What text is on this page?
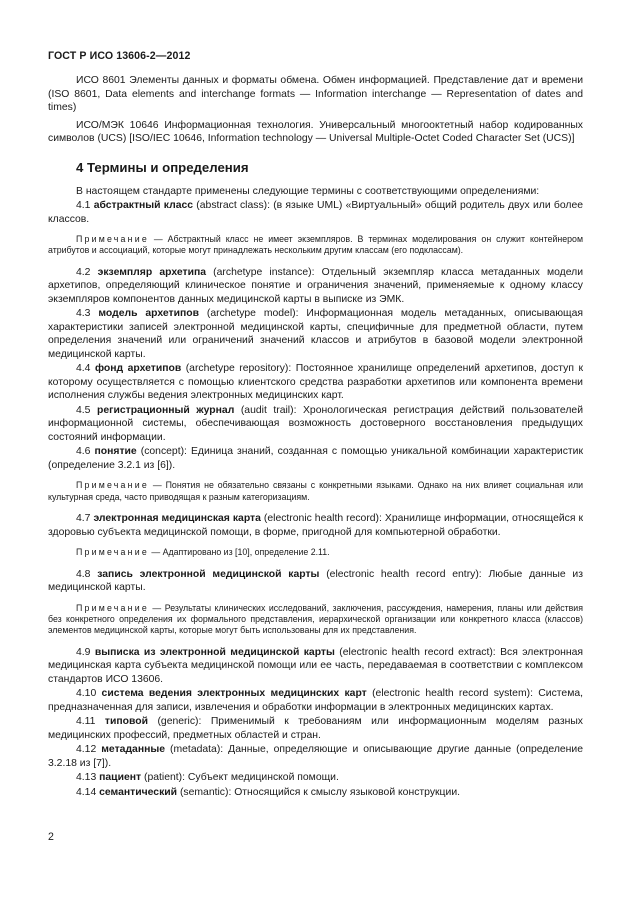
ГОСТ Р ИСО 13606-2—2012

ИСО 8601 Элементы данных и форматы обмена. Обмен информацией. Представление дат и времени (ISO 8601, Data elements and interchange formats — Information interchange — Representation of dates and times)

ИСО/МЭК 10646 Информационная технология. Универсальный многооктетный набор кодированных символов (UCS) [ISO/IEC 10646, Information technology — Universal Multiple-Octet Coded Character Set (UCS)]

4 Термины и определения

В настоящем стандарте применены следующие термины с соответствующими определениями:

4.1 абстрактный класс (abstract class): (в языке UML) «Виртуальный» общий родитель двух или более классов.

Примечание — Абстрактный класс не имеет экземпляров. В терминах моделирования он служит контейнером атрибутов и ассоциаций, которые могут принадлежать нескольким другим классам (его подклассам).

4.2 экземпляр архетипа (archetype instance): Отдельный экземпляр класса метаданных модели архетипов, определяющий клиническое понятие и ограничения значений, применяемые к одному классу экземпляров компонентов данных медицинской карты в выписке из ЭМК.

4.3 модель архетипов (archetype model): Информационная модель метаданных, описывающая характеристики записей электронной медицинской карты, специфичные для предметной области, путем определения значений или ограничений значений классов и атрибутов в базовой модели электронной медицинской карты.

4.4 фонд архетипов (archetype repository): Постоянное хранилище определений архетипов, доступ к которому осуществляется с помощью клиентского средства разработки архетипов или компонента времени исполнения службы ведения электронных медицинских карт.

4.5 регистрационный журнал (audit trail): Хронологическая регистрация действий пользователей информационной системы, обеспечивающая возможность достоверного восстановления предыдущих состояний информации.

4.6 понятие (concept): Единица знаний, созданная с помощью уникальной комбинации характеристик (определение 3.2.1 из [6]).

Примечание — Понятия не обязательно связаны с конкретными языками. Однако на них влияет социальная или культурная среда, часто приводящая к разным категоризациям.

4.7 электронная медицинская карта (electronic health record): Хранилище информации, относящейся к здоровью субъекта медицинской помощи, в форме, пригодной для компьютерной обработки.

Примечание — Адаптировано из [10], определение 2.11.

4.8 запись электронной медицинской карты (electronic health record entry): Любые данные из медицинской карты.

Примечание — Результаты клинических исследований, заключения, рассуждения, намерения, планы или действия без конкретного определения их формального представления, иерархической организации или конкретного класса (классов) элементов медицинской карты, которые могут быть использованы для их представления.

4.9 выписка из электронной медицинской карты (electronic health record extract): Вся электронная медицинская карта субъекта медицинской помощи или ее часть, передаваемая в соответствии с комплексом стандартов ИСО 13606.

4.10 система ведения электронных медицинских карт (electronic health record system): Система, предназначенная для записи, извлечения и обработки информации в электронных медицинских картах.

4.11 типовой (generic): Применимый к требованиям или информационным моделям разных медицинских профессий, предметных областей и стран.

4.12 метаданные (metadata): Данные, определяющие и описывающие другие данные (определение 3.2.18 из [7]).

4.13 пациент (patient): Субъект медицинской помощи.

4.14 семантический (semantic): Относящийся к смыслу языковой конструкции.

2
